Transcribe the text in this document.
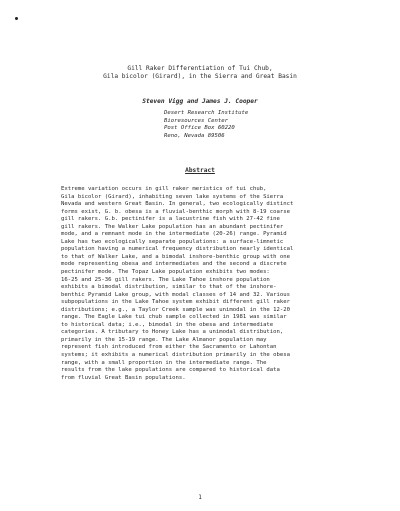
Gill Raker Differentiation of Tui Chub,
Gila bicolor (Girard), in the Sierra and Great Basin
Steven Vigg and James J. Cooper
Desert Research Institute
Bioresources Center
Post Office Box 60220
Reno, Nevada 89506
Abstract
Extreme variation occurs in gill raker meristics of tui chub,
Gila bicolor (Girard), inhabiting seven lake systems of the Sierra
Nevada and western Great Basin. In general, two ecologically distinct
forms exist, G. b. obesa is a fluvial-benthic morph with 8-19 coarse
gill rakers. G.b. pectinifer is a lacustrine fish with 27-42 fine
gill rakers. The Walker Lake population has an abundant pectinifer
mode, and a remnant mode in the intermediate (20-26) range. Pyramid
Lake has two ecologically separate populations: a surface-limnetic
population having a numerical frequency distribution nearly identical
to that of Walker Lake, and a bimodal inshore-benthic group with one
mode representing obesa and intermediates and the second a discrete
pectinifer mode. The Topaz Lake population exhibits two modes:
16-25 and 25-36 gill rakers. The Lake Tahoe inshore population
exhibits a bimodal distribution, similar to that of the inshore-
benthic Pyramid Lake group, with modal classes of 14 and 32. Various
subpopulations in the Lake Tahoe system exhibit different gill raker
distributions; e.g., a Taylor Creek sample was unimodal in the 12-20
range. The Eagle Lake tui chub sample collected in 1981 was similar
to historical data; i.e., bimodal in the obesa and intermediate
categories. A tributary to Honey Lake has a unimodal distribution,
primarily in the 15-19 range. The Lake Almanor population may
represent fish introduced from either the Sacramento or Lahontan
systems; it exhibits a numerical distribution primarily in the obesa
range, with a small proportion in the intermediate range. The
results from the lake populations are compared to historical data
from fluvial Great Basin populations.
1
